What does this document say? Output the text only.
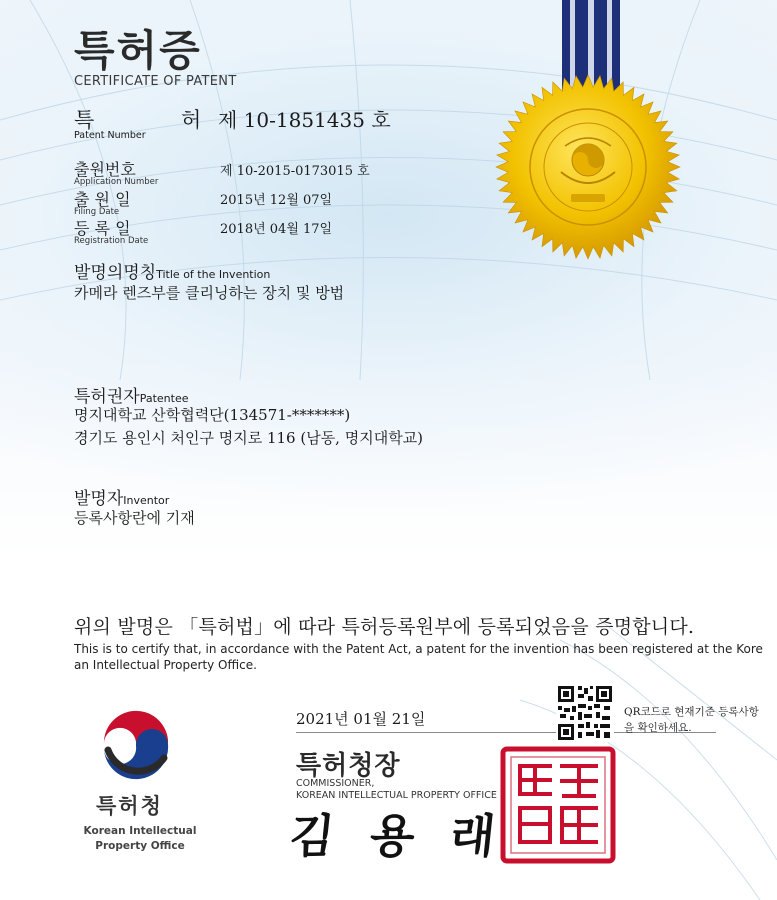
특허증
CERTIFICATE OF PATENT
특 허
Patent Number
제 10-1851435 호
출원번호
Application Number
제 10-2015-0173015 호
출 원 일
Filing Date
2015년 12월 07일
등 록 일
Registration Date
2018년 04월 17일
발명의명칭Title of the Invention
카메라 렌즈부를 클리닝하는 장치 및 방법
특허권자Patentee
명지대학교 산학협력단(134571-*******)
경기도 용인시 처인구 명지로 116 (남동, 명지대학교)
발명자Inventor
등록사항란에 기재
위의 발명은 「특허법」에 따라 특허등록원부에 등록되었음을 증명합니다.
This is to certify that, in accordance with the Patent Act, a patent for the invention has been registered at the Korean Intellectual Property Office.
특허청
Korean Intellectual Property Office
2021년 01월 21일	QR코드로 현재기준 등록사항을 확인하세요.
특허청장
COMMISSIONER,
KOREAN INTELLECTUAL PROPERTY OFFICE
김 용 래
